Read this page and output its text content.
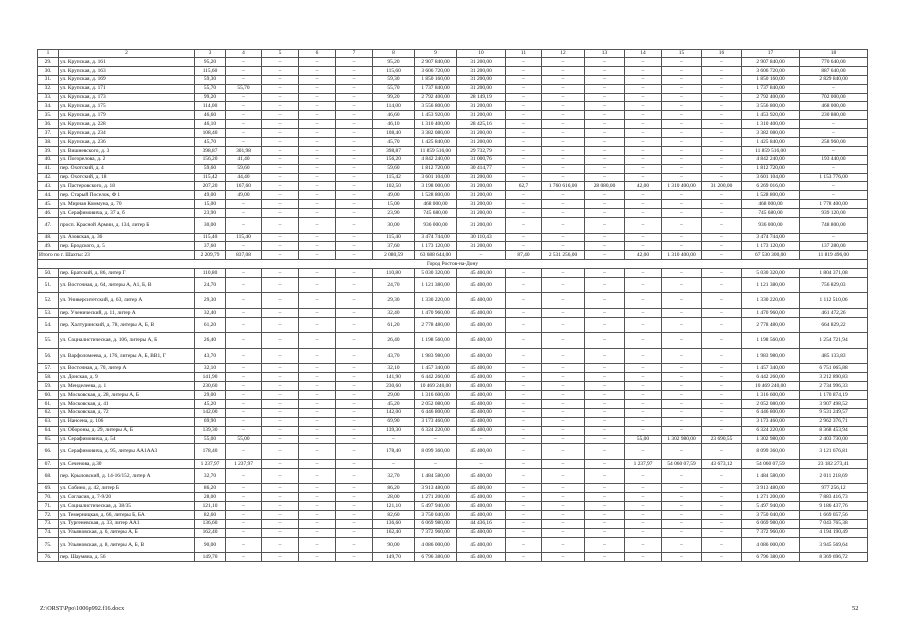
1	2	3	4	5	6	7	8	9	10	11	12	13	14	15	16	17	18
29.	ул. Крупская, д. 161	95,20	–	–	–	–	95,20	2 907 840,00	31 200,00	–	–	–	–	–	–	2 907 840,00	770 640,00
30.	ул. Крупская, д. 163	115,60	–	–	–	–	115,60	3 606 720,00	31 200,00	–	–	–	–	–	–	3 606 720,00	887 640,00
31.	ул. Крупская, д. 169	59,30	–	–	–	–	59,30	1 850 160,00	31 200,00	–	–	–	–	–	–	1 850 160,00	2 829 840,00
32.	ул. Крупская, д. 171	55,70	55,70	–	–	–	55,70	1 737 840,00	31 200,00	–	–	–	–	–	–	1 737 840,00	–
33.	ул. Крупская, д. 173	99,20	–	–	–	–	99,20	2 792 400,00	28 149,19	–	–	–	–	–	–	2 792 400,00	702 000,00
34.	ул. Крупская, д. 175	114,00	–	–	–	–	114,00	3 556 800,00	31 200,00	–	–	–	–	–	–	3 556 800,00	468 000,00
35.	ул. Крупская, д. 179	46,60	–	–	–	–	46,60	1 453 920,00	31 200,00	–	–	–	–	–	–	1 453 920,00	230 880,00
36.	ул. Крупская, д. 228	46,10	–	–	–	–	46,10	1 310 400,00	28 425,16	–	–	–	–	–	–	1 310 400,00	–
37.	ул. Крупская, д. 234	108,40	–	–	–	–	108,40	3 382 080,00	31 200,00	–	–	–	–	–	–	3 382 080,00	–
38.	ул. Крупская, д. 236	45,70	–	–	–	–	45,70	1 425 840,00	31 200,00	–	–	–	–	–	–	1 425 840,00	258 960,00
39.	ул. Вишневского, д. 3	398,87	301,98	–	–	–	398,87	11 859 516,00	29 732,79	–	–	–	–	–	–	11 859 516,00	–
40.	ул. Погорелова, д. 2	156,20	41,40	–	–	–	156,20	4 842 240,00	31 000,76	–	–	–	–	–	–	4 842 240,00	193 440,00
41.	пер. Охотский, д. 4	59,60	59,60	–	–	–	59,60	1 812 720,00	30 414,77	–	–	–	–	–	–	1 812 720,00	–
42.	пер. Охотский, д. 18	115,42	44,40	–	–	–	115,42	3 601 104,00	31 200,00	–	–	–	–	–	–	3 601 104,00	1 153 776,00
43.	ул. Пастеровского, д. 18	207,20	167,60	–	–	–	102,50	3 198 000,00	31 200,00	62,7	1 760 616,00	28 080,00	42,00	1 310 400,00	31 200,00	6 269 016,00	–
44.	пер. Старый Поселок, Ф 1	49,00	49,00	–	–	–	49,00	1 528 800,00	31 200,00	–	–	–	–	–	–	1 528 800,00	–
45.	ул. Мирная Коммуна, д. 70	15,00	–	–	–	–	15,00	468 000,00	31 200,00	–	–	–	–	–	–	468 000,00	1 778 400,00
46.	ул. Серафимовича, д. 37 а, б	23,90	–	–	–	–	23,90	745 680,00	31 200,00	–	–	–	–	–	–	745 680,00	939 120,00
47.	просп. Красной Армии, д. 134, литер Б	30,00	–	–	–	–	30,00	936 000,00	31 200,00	–	–	–	–	–	–	936 000,00	748 800,00
48.	ул. Азовская, д. 36	115,40	115,40	–	–	–	115,40	3 474 744,00	30 110,43	–	–	–	–	–	–	3 474 744,00	–
49.	пер. Бродского, д. 5	37,60	–	–	–	–	37,60	1 173 120,00	31 200,00	–	–	–	–	–	–	1 173 120,00	137 280,00
Итого по г. Шахты: 23		2 209,79	837,08	–	–	–	2 080,59	63 688 644,00	–	87,40	2 531 256,00	–	42,00	1 310 400,00	–	67 530 300,00	11 819 496,00
Город Ростов-на-Дону																	
50.	пер. Братский, д. 86, литер Г	110,80	–	–	–	–	110,80	5 030 320,00	45 400,00	–	–	–	–	–	–	5 030 320,00	1 804 371,08
51.	ул. Восточная, д. 64, литеры А, А1, Б, В	24,70	–	–	–	–	24,70	1 121 380,00	45 400,00	–	–	–	–	–	–	1 121 380,00	756 829,03
52.	ул. Университетский, д. 63, литер А	29,30	–	–	–	–	29,30	1 330 220,00	45 400,00	–	–	–	–	–	–	1 330 220,00	1 112 510,06
53.	пер. Ученический, д. 11, литер А	32,40	–	–	–	–	32,40	1 470 960,00	45 400,00	–	–	–	–	–	–	1 470 960,00	461 472,26
54.	пер. Халтуринский, д. 78, литеры А, Б, В	61,20	–	–	–	–	61,20	2 778 480,00	45 400,00	–	–	–	–	–	–	2 778 480,00	664 829,22
55.	ул. Социалистическая, д. 106, литеры А, Б	26,40	–	–	–	–	26,40	1 198 560,00	45 400,00	–	–	–	–	–	–	1 198 560,00	1 254 721,94
56.	ул. Варфоломеева, д. 176, литеры А, Б, ВВ1, Г	43,70	–	–	–	–	43,70	1 983 980,00	45 400,00	–	–	–	–	–	–	1 983 980,00	485 133,83
57.	ул. Восточная, д. 70, литер А	32,10	–	–	–	–	32,10	1 457 340,00	45 400,00	–	–	–	–	–	–	1 457 340,00	6 751 065,88
58.	ул. Донская, д. 9	141,90	–	–	–	–	141,90	6 442 260,00	45 400,00	–	–	–	–	–	–	6 442 260,00	3 212 890,83
59.	ул. Менделеева, д. 1	230,60	–	–	–	–	230,60	10 469 240,00	45 400,00	–	–	–	–	–	–	10 469 240,00	2 734 996,33
60.	ул. Московская, д. 28, литеры А, Б	29,00	–	–	–	–	29,00	1 316 600,00	45 400,00	–	–	–	–	–	–	1 316 600,00	1 170 874,19
61.	ул. Московская, д. 41	45,20	–	–	–	–	45,20	2 052 080,00	45 400,00	–	–	–	–	–	–	2 052 080,00	3 907 498,52
62.	ул. Московская, д. 72	142,00	–	–	–	–	142,00	6 446 800,00	45 400,00	–	–	–	–	–	–	6 446 800,00	9 531 249,57
63.	ул. Нансена, д. 106	69,90	–	–	–	–	69,90	3 173 460,00	45 400,00	–	–	–	–	–	–	3 173 460,00	2 962 376,71
64.	ул. Обороны, д. 29, литеры А, Б	139,30	–	–	–	–	139,30	6 324 220,00	45 400,00	–	–	–	–	–	–	6 324 220,00	8 368 453,94
65.	ул. Серафимовича, д. 54	55,00	55,00	–	–	–	–	–	–	–	–	–	55,00	1 302 980,00	23 690,55	1 302 980,00	2 403 730,00
66.	ул. Серафимовича, д. 95, литеры АА1АА3	178,40	–	–	–	–	178,40	8 099 360,00	45 400,00	–	–	–	–	–	–	8 099 360,00	3 121 676,81
67.	ул. Сеченова, д.30	1 237,97	1 237,97	–	–	–	–	–	–	–	–	–	1 237,97	54 060 07,59	43 673,12	54 060 07,59	23 182 273,41
68.	пер. Крыловский, д. 14-16/152, литер А	32,70	–	–	–	–	32,70	1 484 580,00	45 400,00	–	–	–	–	–	–	1 484 580,00	2 011 218,69
69.	ул. Собино, д. 42, литер Б	86,20	–	–	–	–	86,20	3 913 480,00	45 400,00	–	–	–	–	–	–	3 913 480,00	977 256,12
70.	ул. Согласия, д. 7-9/20	28,00	–	–	–	–	28,00	1 271 200,00	45 400,00	–	–	–	–	–	–	1 271 200,00	7 883 416,73
71.	ул. Социалистическая, д. 38/35	121,10	–	–	–	–	121,10	5 497 940,00	45 400,00	–	–	–	–	–	–	5 497 940,00	9 186 437,76
72.	ул. Темерницкая, д. 66, литеры Б, БА	82,60	–	–	–	–	82,60	3 750 040,00	45 400,00	–	–	–	–	–	–	3 750 040,00	1 669 057,56
73.	ул. Тургеневская, д. 33, литер АА1	136,60	–	–	–	–	136,60	6 069 980,00	44 436,16	–	–	–	–	–	–	6 069 980,00	7 043 765,38
74.	ул. Ульяновская, д. 6, литеры А, Б	162,40	–	–	–	–	162,40	7 372 960,00	45 400,00	–	–	–	–	–	–	7 372 960,00	4 194 190,49
75.	ул. Ульяновская, д. 8, литеры А, Б, В	90,00	–	–	–	–	90,00	4 086 000,00	45 400,00	–	–	–	–	–	–	4 086 000,00	3 945 569,64
76.	пер. Шаумяна, д. 56	149,70	–	–	–	–	149,70	6 796 380,00	45 400,00	–	–	–	–	–	–	6 796 380,00	8 369 696,72
Z:\ORST\Ppo\1006p992.f16.docx	52
